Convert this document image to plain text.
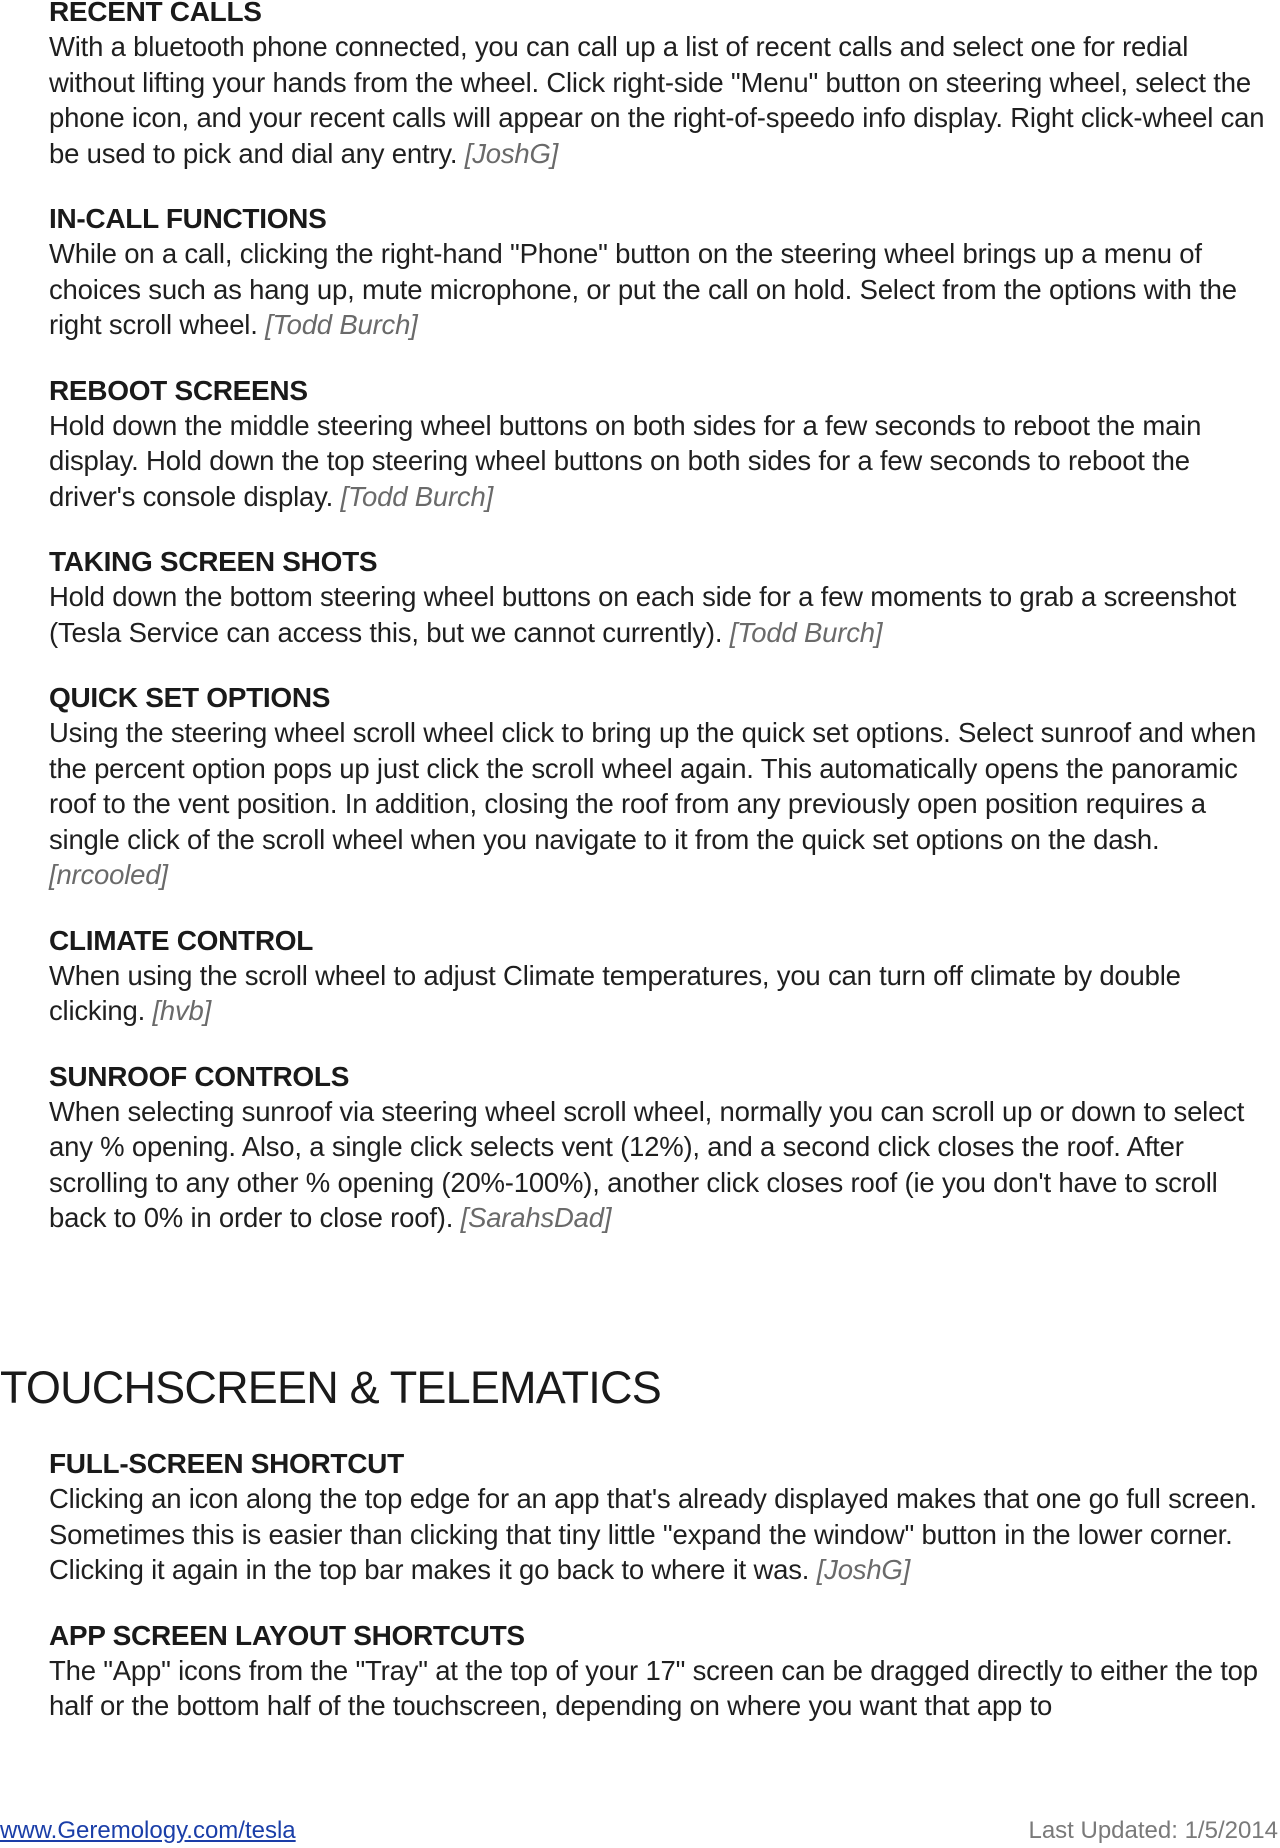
RECENT CALLS

With a bluetooth phone connected, you can call up a list of recent calls and select one for redial without lifting your hands from the wheel. Click right-side "Menu" button on steering wheel, select the phone icon, and your recent calls will appear on the right-of-speedo info display. Right click-wheel can be used to pick and dial any entry. [JoshG]

IN-CALL FUNCTIONS

While on a call, clicking the right-hand "Phone" button on the steering wheel brings up a menu of choices such as hang up, mute microphone, or put the call on hold. Select from the options with the right scroll wheel. [Todd Burch]

REBOOT SCREENS

Hold down the middle steering wheel buttons on both sides for a few seconds to reboot the main display. Hold down the top steering wheel buttons on both sides for a few seconds to reboot the driver's console display. [Todd Burch]

TAKING SCREEN SHOTS

Hold down the bottom steering wheel buttons on each side for a few moments to grab a screenshot (Tesla Service can access this, but we cannot currently). [Todd Burch]

QUICK SET OPTIONS

Using the steering wheel scroll wheel click to bring up the quick set options. Select sunroof and when the percent option pops up just click the scroll wheel again. This automatically opens the panoramic roof to the vent position. In addition, closing the roof from any previously open position requires a single click of the scroll wheel when you navigate to it from the quick set options on the dash. [nrcooled]

CLIMATE CONTROL

When using the scroll wheel to adjust Climate temperatures, you can turn off climate by double clicking. [hvb]

SUNROOF CONTROLS

When selecting sunroof via steering wheel scroll wheel, normally you can scroll up or down to select any % opening. Also, a single click selects vent (12%), and a second click closes the roof. After scrolling to any other % opening (20%-100%), another click closes roof (ie you don't have to scroll back to 0% in order to close roof). [SarahsDad]

TOUCHSCREEN & TELEMATICS

FULL-SCREEN SHORTCUT

Clicking an icon along the top edge for an app that's already displayed makes that one go full screen. Sometimes this is easier than clicking that tiny little "expand the window" button in the lower corner. Clicking it again in the top bar makes it go back to where it was. [JoshG]

APP SCREEN LAYOUT SHORTCUTS

The "App" icons from the "Tray" at the top of your 17" screen can be dragged directly to either the top half or the bottom half of the touchscreen, depending on where you want that app to

www.Geremology.com/tesla	Last Updated: 1/5/2014
